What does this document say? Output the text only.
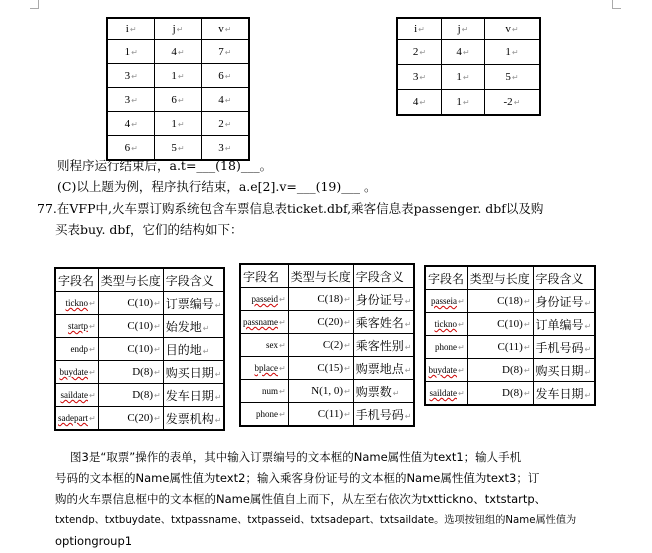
i↵	j↵	v↵
1↵	4↵	7↵
3↵	1↵	6↵
3↵	6↵	4↵
4↵	1↵	2↵
6↵	5↵	3↵
i↵	j↵	v↵
2↵	4↵	1↵
3↵	1↵	5↵
4↵	1↵	-2↵
则程序运行结束后，a.t=___(18)___。
(C)以上题为例，程序执行结束，a.e[2].v=___(19)___ 。
77.在VFP中,火车票订购系统包含车票信息表ticket.dbf,乘客信息表passenger. dbf以及购
买表buy. dbf，它们的结构如下：
字段名	类型与长度	字段含义
tickno↵	C(10)↵	订票编号↵
startp↵	C(10)↵	始发地↵
endp↵	C(10)↵	目的地↵
buydate↵	D(8)↵	购买日期↵
saildate↵	D(8)↵	发车日期↵
sadepart↵	C(20)↵	发票机构↵
字段名	类型与长度	字段含义
passeid↵	C(18)↵	身份证号↵
passname↵	C(20)↵	乘客姓名↵
sex↵	C(2)↵	乘客性别↵
bplace↵	C(15)↵	购票地点↵
num↵	N(1, 0)↵	购票数↵
phone↵	C(11)↵	手机号码↵
字段名	类型与长度	字段含义
passeia↵	C(18)↵	身份证号↵
tickno↵	C(10)↵	订单编号↵
phone↵	C(11)↵	手机号码↵
buydate↵	D(8)↵	购买日期↵
saildate↵	D(8)↵	发车日期↵
图3是“取票”操作的表单，其中输入订票编号的文本框的Name属性值为text1；输人手机
号码的文本框的Name属性值为text2；输入乘客身份证号的文本框的Name属性值为text3；订
购的火车票信息框中的文本框的Name属性值自上而下，从左至右依次为txttickno、txtstartp、
txtendp、txtbuydate、txtpassname、txtpasseid、txtsadepart、txtsaildate。选项按钮组的Name属性值为
optiongroup1
